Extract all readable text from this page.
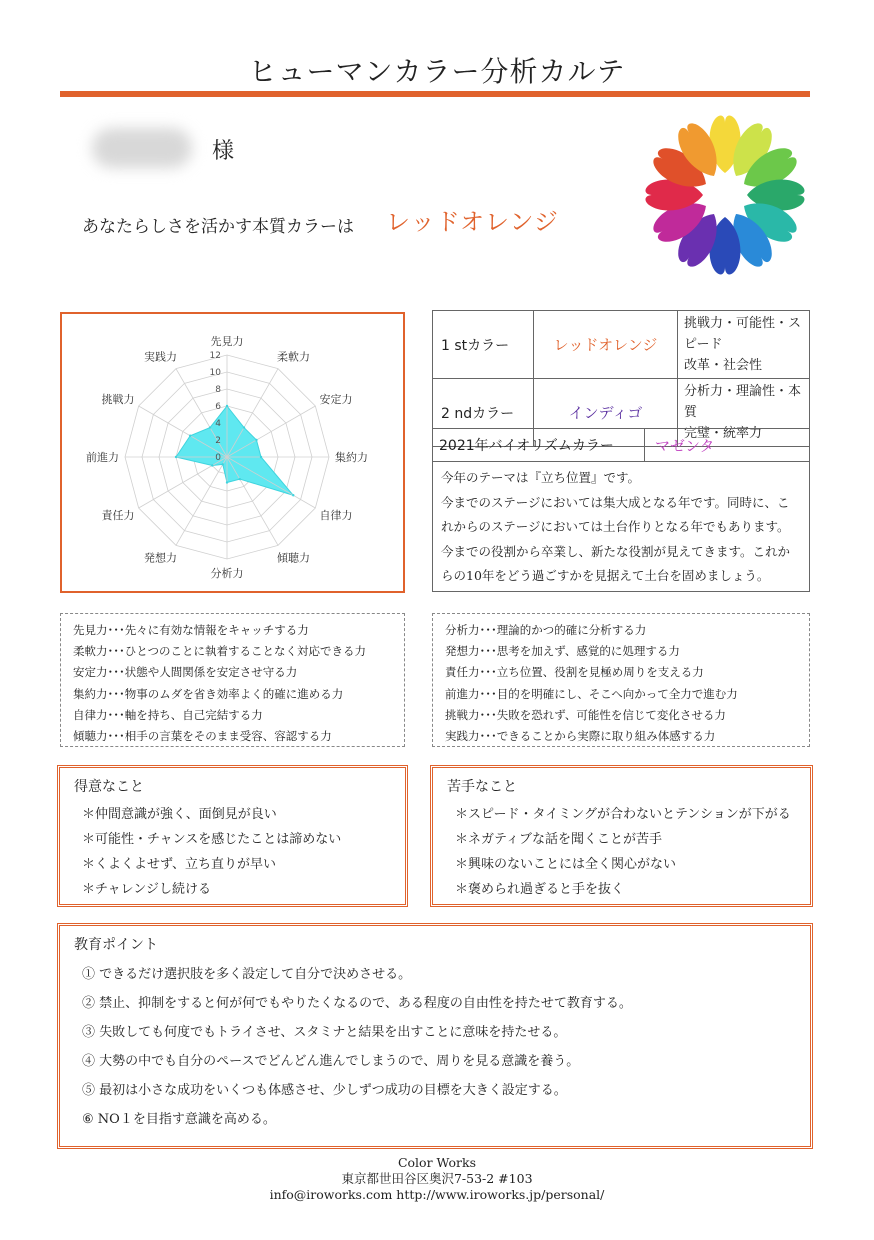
ヒューマンカラー分析カルテ
様
あなたらしさを活かす本質カラーは レッドオレンジ
先見力
柔軟力
安定力
集約力
自律力
傾聴力
分析力
発想力
責任力
前進力
挑戦力
実践力
0
2
4
6
8
10
12
1 stカラー	レッドオレンジ	挑戦力・可能性・スピード
改革・社会性

2 ndカラー	インディゴ	分析力・理論性・本質
完璧・統率力
2021年バイオリズムカラー	マゼンタ
今年のテーマは『立ち位置』です。
今までのステージにおいては集大成となる年です。同時に、こ
れからのステージにおいては土台作りとなる年でもあります。
今までの役割から卒業し、新たな役割が見えてきます。これか
らの10年をどう過ごすかを見据えて土台を固めましょう。
先見力･･･先々に有効な情報をキャッチする力
柔軟力･･･ひとつのことに執着することなく対応できる力
安定力･･･状態や人間関係を安定させ守る力
集約力･･･物事のムダを省き効率よく的確に進める力
自律力･･･軸を持ち、自己完結する力
傾聴力･･･相手の言葉をそのまま受容、容認する力
分析力･･･理論的かつ的確に分析する力
発想力･･･思考を加えず、感覚的に処理する力
責任力･･･立ち位置、役割を見極め周りを支える力
前進力･･･目的を明確にし、そこへ向かって全力で進む力
挑戦力･･･失敗を恐れず、可能性を信じて変化させる力
実践力･･･できることから実際に取り組み体感する力
得意なこと
＊仲間意識が強く、面倒見が良い
＊可能性・チャンスを感じたことは諦めない
＊くよくよせず、立ち直りが早い
＊チャレンジし続ける
苦手なこと
＊スピード・タイミングが合わないとテンションが下がる
＊ネガティブな話を聞くことが苦手
＊興味のないことには全く関心がない
＊褒められ過ぎると手を抜く
教育ポイント
① できるだけ選択肢を多く設定して自分で決めさせる。
② 禁止、抑制をすると何が何でもやりたくなるので、ある程度の自由性を持たせて教育する。
③ 失敗しても何度でもトライさせ、スタミナと結果を出すことに意味を持たせる。
④ 大勢の中でも自分のペースでどんどん進んでしまうので、周りを見る意識を養う。
⑤ 最初は小さな成功をいくつも体感させ、少しずつ成功の目標を大きく設定する。
⑥ NO１を目指す意識を高める。
Color Works
東京都世田谷区奥沢7-53-2 #103
info@iroworks.com http://www.iroworks.jp/personal/
